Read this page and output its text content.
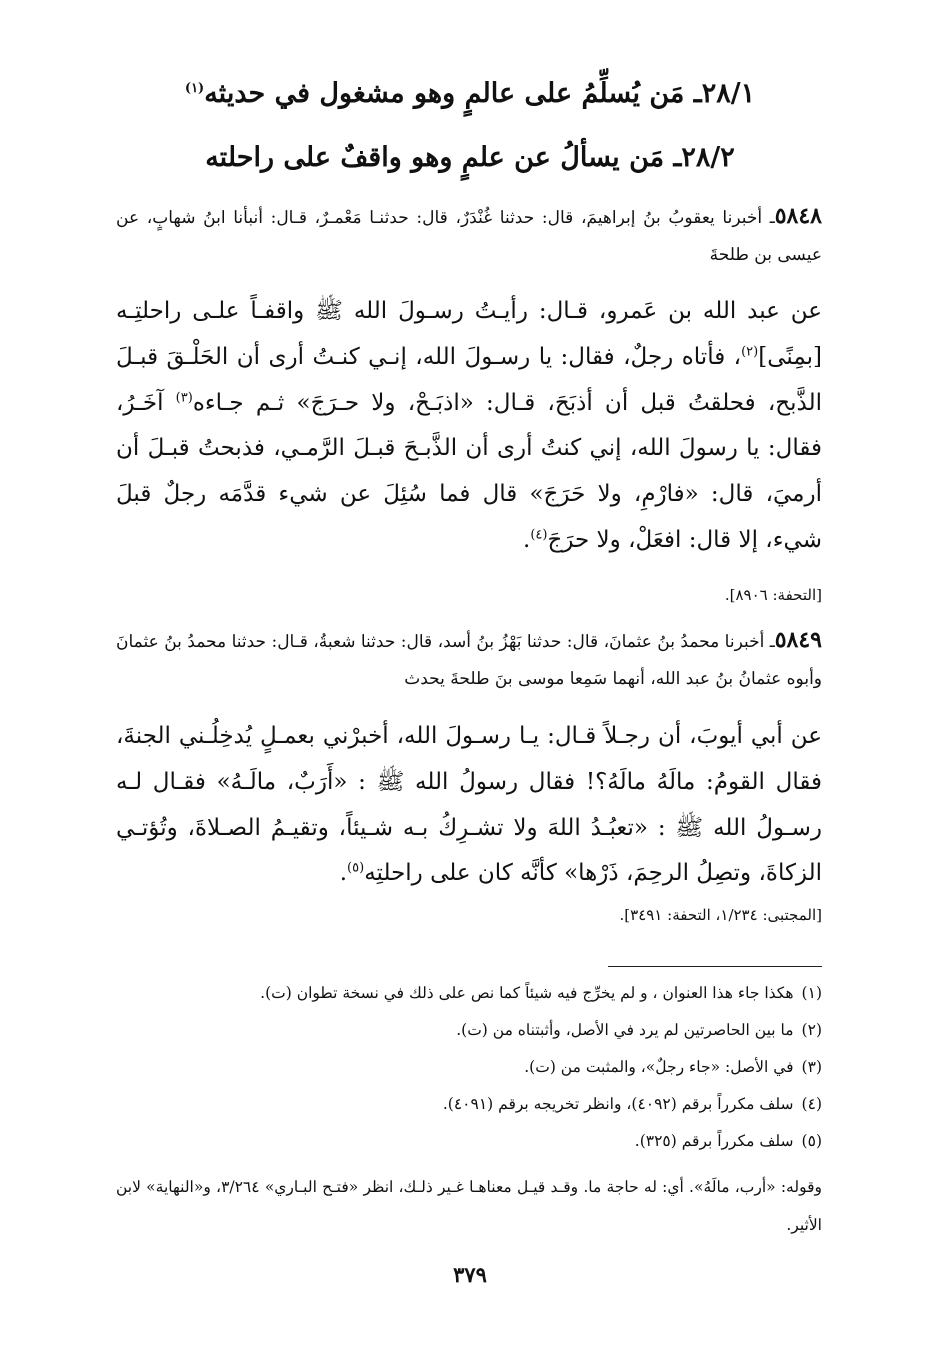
٢٨/١ـ مَن يُسلِّمُ على عالمٍ وهو مشغول في حديثه$^{(١)}$
٢٨/٢ـ مَن يسألُ عن علمٍ وهو واقفٌ على راحلته

٥٨٤٨ـ أخبرنا يعقوبُ بنُ إبراهيمَ، قال: حدثنا غُنْدَرٌ، قال: حدثنـا مَعْمـرٌ، قـال: أنبأنا ابنُ شهابٍ، عن عيسى بن طلحةَ

عن عبد الله بن عَمرو، قـال: رأيـتُ رسـولَ الله ﷺ واقفـاً علـى راحلتِـه [بمِنًى]$^{(٢)}$، فأتاه رجلٌ، فقال: يا رسـولَ الله، إنـي كنـتُ أرى أن الحَلْـقَ قبـلَ الذَّبح، فحلقتُ قبل أن أذبَحَ، قـال: «اذبَـحْ، ولا حـرَجَ» ثـم جـاءه$^{(٣)}$ آخَـرُ، فقال: يا رسولَ الله، إني كنتُ أرى أن الذَّبـحَ قبـلَ الرَّمـي، فذبحتُ قبـلَ أن أرميَ، قال: «فارْمِ، ولا حَرَجَ» قال فما سُئِلَ عن شيء قدَّمَه رجلٌ قبلَ شيء، إلا قال: افعَلْ، ولا حرَجَ$^{(٤)}$.

[التحفة: ٨٩٠٦].

٥٨٤٩ـ أخبرنا محمدُ بنُ عثمانَ، قال: حدثنا بَهْزُ بنُ أسد، قال: حدثنا شعبةُ، قـال: حدثنا محمدُ بنُ عثمانَ وأبوه عثمانُ بنُ عبد الله، أنهما سَمِعا موسى بنَ طلحةَ يحدث

عن أبي أيوبَ، أن رجـلاً قـال: يـا رسـولَ الله، أخبرْني بعمـلٍ يُدخِلُـني الجنةَ، فقال القومُ: مالَهُ مالَهُ؟! فقال رسولُ الله ﷺ : «أَرَبٌ، مالَـهُ» فقـال لـه رسـولُ الله ﷺ : «تعبُـدُ اللهَ ولا تشـرِكُ بـه شـيئاً، وتقيـمُ الصـلاةَ، وتُؤتـي الزكاةَ، وتصِلُ الرحِمَ، ذَرْها» كأنَّه كان على راحلتِه$^{(٥)}$.

[المجتبى: ١/٢٣٤، التحفة: ٣٤٩١].

(١)هكذا جاء هذا العنوان ، و لم يخرِّج فيه شيئاً كما نص على ذلك في نسخة تطوان (ت).

(٢)ما بين الحاصرتين لم يرد في الأصل، وأثبتناه من (ت).

(٣)في الأصل: «جاء رجلٌ»، والمثبت من (ت).

(٤)سلف مكرراً برقم (٤٠٩٢)، وانظر تخريجه برقم (٤٠٩١).

(٥)سلف مكرراً برقم (٣٢٥).

وقوله: «أرب، مالَهُ». أي: له حاجة ما. وقـد قيـل معناهـا غـير ذلـك، انظر «فتـح البـاري» ٣/٢٦٤، و«النهاية» لابن الأثير.

٣٧٩
